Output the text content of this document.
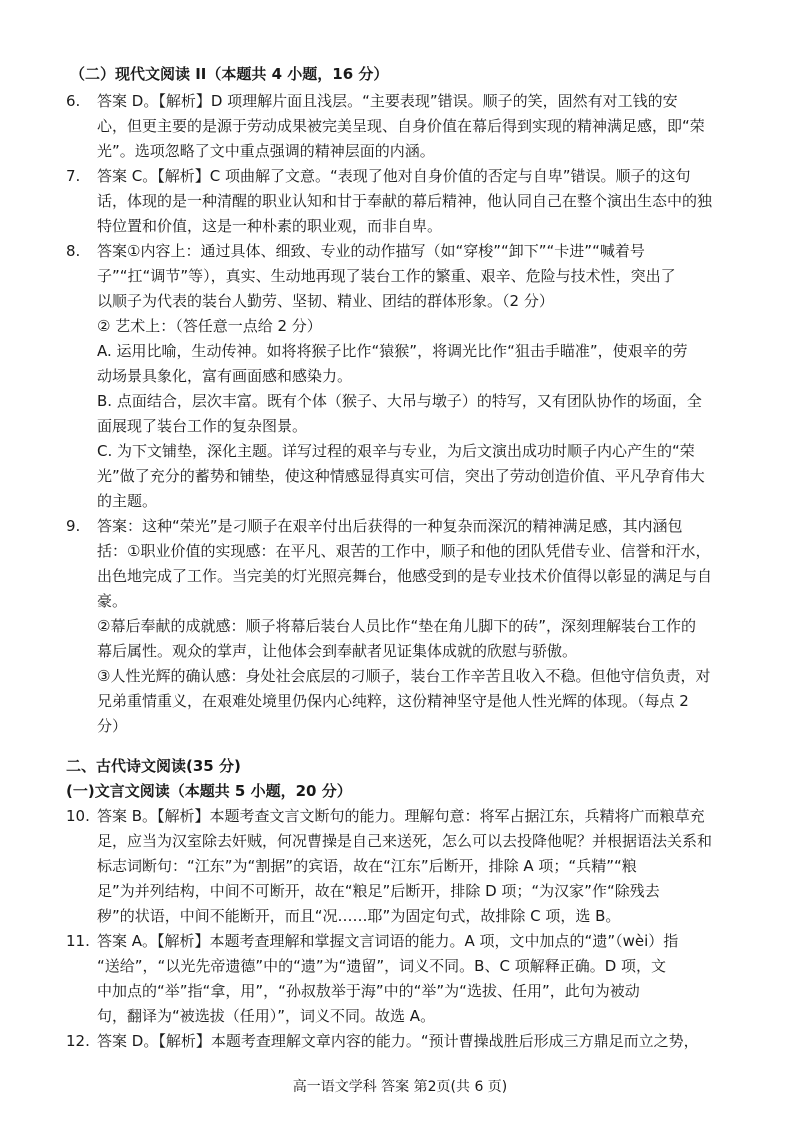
（二）现代文阅读 II（本题共 4 小题，16 分）
6. 答案 D。【解析】D 项理解片面且浅层。“主要表现”错误。顺子的笑，固然有对工钱的安
心，但更主要的是源于劳动成果被完美呈现、自身价值在幕后得到实现的精神满足感，即“荣
光”。选项忽略了文中重点强调的精神层面的内涵。
7. 答案 C。【解析】C 项曲解了文意。“表现了他对自身价值的否定与自卑”错误。顺子的这句
话，体现的是一种清醒的职业认知和甘于奉献的幕后精神，他认同自己在整个演出生态中的独
特位置和价值，这是一种朴素的职业观，而非自卑。
8. 答案①内容上：通过具体、细致、专业的动作描写（如“穿梭”“卸下”“卡进”“喊着号
子”“扛“调节”等），真实、生动地再现了装台工作的繁重、艰辛、危险与技术性，突出了
以顺子为代表的装台人勤劳、坚韧、精业、团结的群体形象。（2 分）
② 艺术上：（答任意一点给 2 分）
A. 运用比喻，生动传神。如将将猴子比作“猿猴”，将调光比作“狙击手瞄准”，使艰辛的劳
动场景具象化，富有画面感和感染力。
B. 点面结合，层次丰富。既有个体（猴子、大吊与墩子）的特写，又有团队协作的场面，全
面展现了装台工作的复杂图景。
C. 为下文铺垫，深化主题。详写过程的艰辛与专业，为后文演出成功时顺子内心产生的“荣
光”做了充分的蓄势和铺垫，使这种情感显得真实可信，突出了劳动创造价值、平凡孕育伟大
的主题。
9. 答案：这种“荣光”是刁顺子在艰辛付出后获得的一种复杂而深沉的精神满足感，其内涵包
括：①职业价值的实现感：在平凡、艰苦的工作中，顺子和他的团队凭借专业、信誉和汗水，
出色地完成了工作。当完美的灯光照亮舞台，他感受到的是专业技术价值得以彰显的满足与自
豪。
②幕后奉献的成就感：顺子将幕后装台人员比作“垫在角儿脚下的砖”，深刻理解装台工作的
幕后属性。观众的掌声，让他体会到奉献者见证集体成就的欣慰与骄傲。
③人性光辉的确认感：身处社会底层的刁顺子，装台工作辛苦且收入不稳。但他守信负责，对
兄弟重情重义，在艰难处境里仍保内心纯粹，这份精神坚守是他人性光辉的体现。（每点 2
分）
二、古代诗文阅读(35 分)
(一)文言文阅读（本题共 5 小题，20 分）
10. 答案 B。【解析】本题考查文言文断句的能力。理解句意：将军占据江东，兵精将广而粮草充
足，应当为汉室除去奸贼，何况曹操是自己来送死，怎么可以去投降他呢？并根据语法关系和
标志词断句：“江东”为“割据”的宾语，故在“江东”后断开，排除 A 项；“兵精”“粮
足”为并列结构，中间不可断开，故在“粮足”后断开，排除 D 项；“为汉家”作“除残去
秽”的状语，中间不能断开，而且“况……耶”为固定句式，故排除 C 项，选 B。
11. 答案 A。【解析】本题考查理解和掌握文言词语的能力。A 项，文中加点的“遗”（wèi）指
“送给”，“以光先帝遗德”中的“遗”为“遗留”，词义不同。B、C 项解释正确。D 项，文
中加点的“举”指“拿，用”，“孙叔敖举于海”中的“举”为“选拔、任用”，此句为被动
句，翻译为“被选拔（任用）”，词义不同。故选 A。
12. 答案 D。【解析】本题考查理解文章内容的能力。“预计曹操战胜后形成三方鼎足而立之势，
高一语文学科 答案 第2页(共 6 页)
